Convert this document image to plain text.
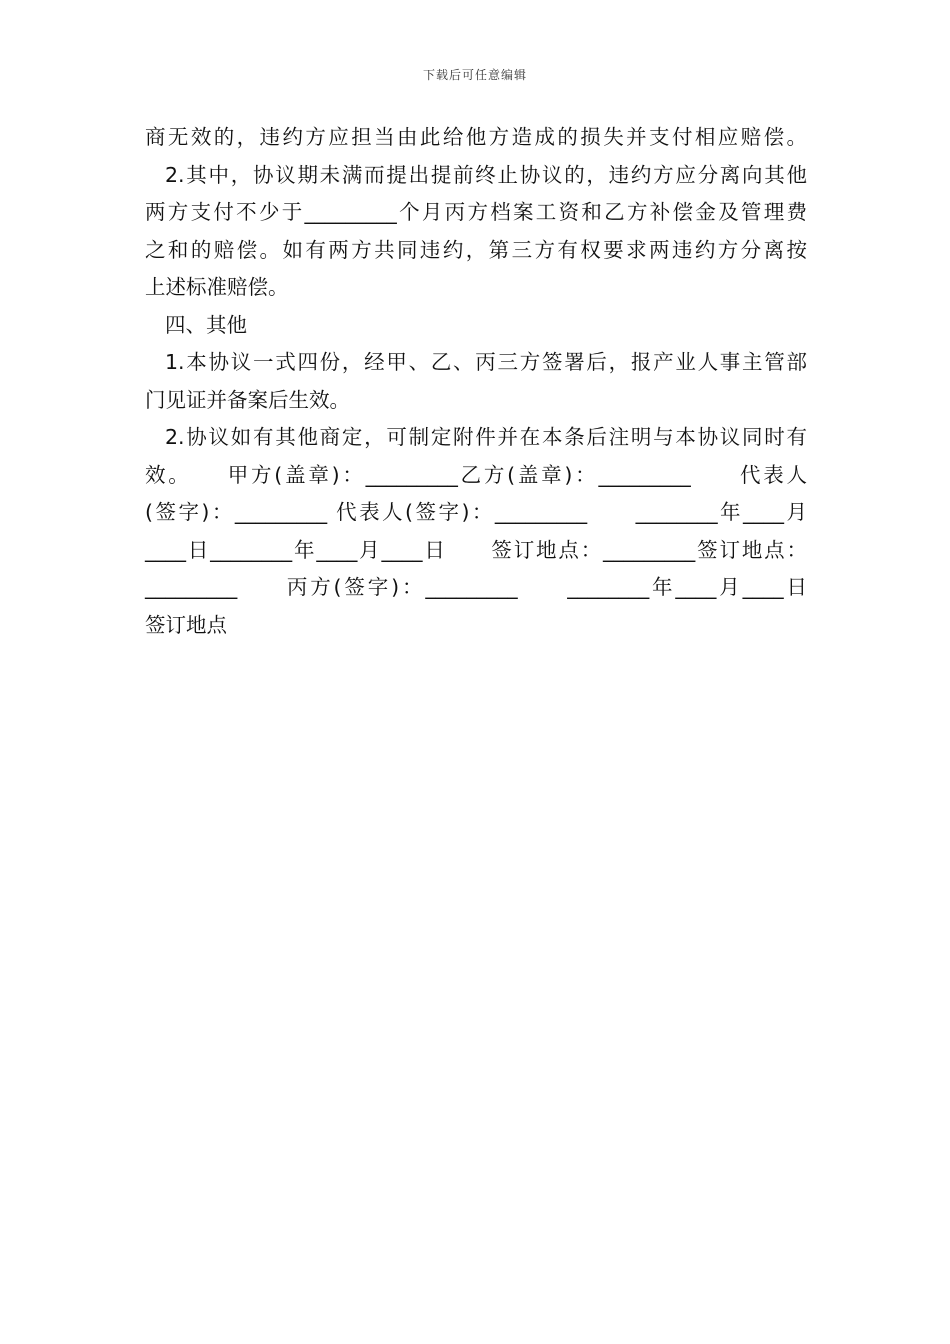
下载后可任意编辑
商无效的，违约方应担当由此给他方造成的损失并支付相应赔偿。
2.其中，协议期未满而提出提前终止协议的，违约方应分离向其他
两方支付不少于_________个月丙方档案工资和乙方补偿金及管理费
之和的赔偿。如有两方共同违约，第三方有权要求两违约方分离按
上述标准赔偿。
四、其他
1.本协议一式四份，经甲、乙、丙三方签署后，报产业人事主管部
门见证并备案后生效。
2.协议如有其他商定，可制定附件并在本条后注明与本协议同时有
效。　　甲方(盖章)：_________乙方(盖章)：_________　　代表人
(签字)：_________ 代表人(签字)：_________　　________年____月
____日________年____月____日　　签订地点：_________签订地点：
_________　　丙方(签字)：_________　　________年____月____日
签订地点
